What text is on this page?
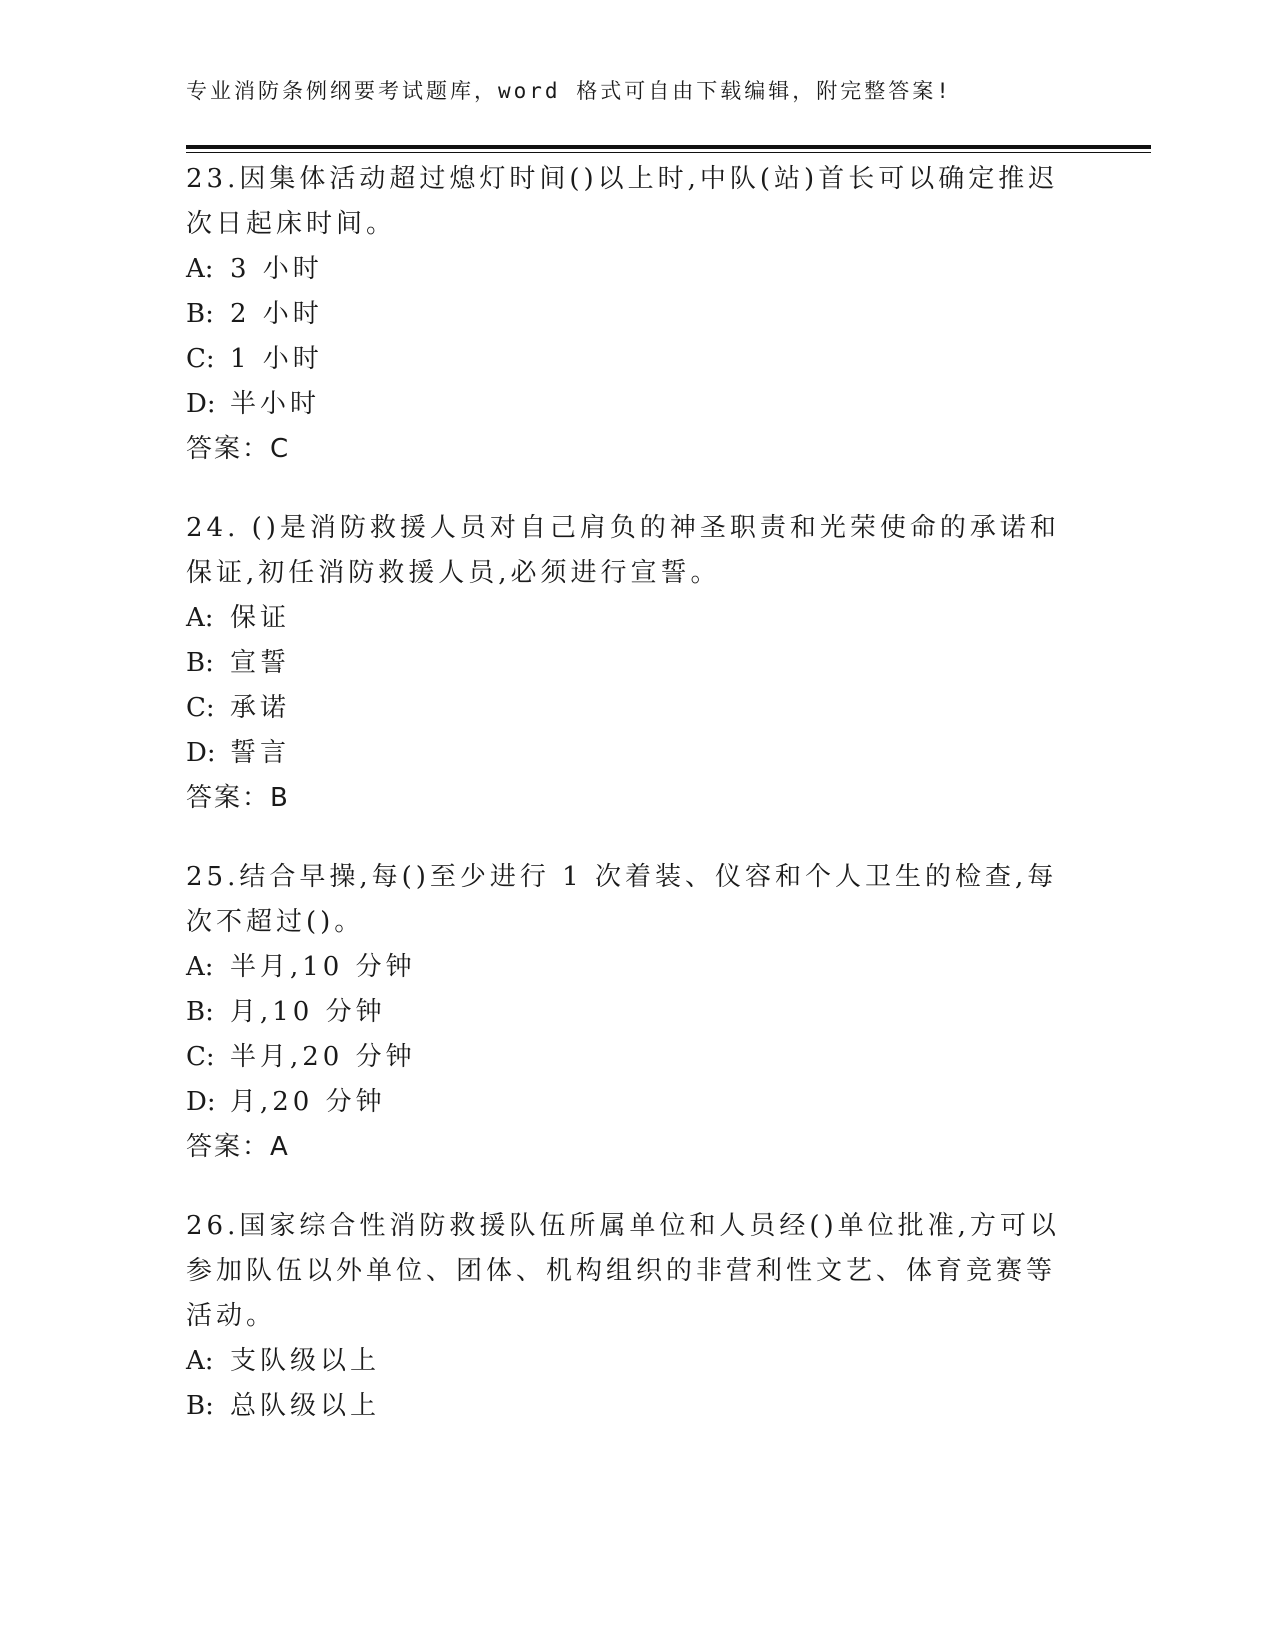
专业消防条例纲要考试题库，word 格式可自由下载编辑，附完整答案!

23.因集体活动超过熄灯时间()以上时,中队(站)首长可以确定推迟次日起床时间。

A: 3 小时
B: 2 小时
C: 1 小时
D: 半小时
答案：C

24. ()是消防救援人员对自己肩负的神圣职责和光荣使命的承诺和保证,初任消防救援人员,必须进行宣誓。

A: 保证
B: 宣誓
C: 承诺
D: 誓言
答案：B

25.结合早操,每()至少进行 1 次着装、仪容和个人卫生的检查,每次不超过()。

A: 半月,10 分钟
B: 月,10 分钟
C: 半月,20 分钟
D: 月,20 分钟
答案：A

26.国家综合性消防救援队伍所属单位和人员经()单位批准,方可以参加队伍以外单位、团体、机构组织的非营利性文艺、体育竞赛等活动。

A: 支队级以上
B: 总队级以上
